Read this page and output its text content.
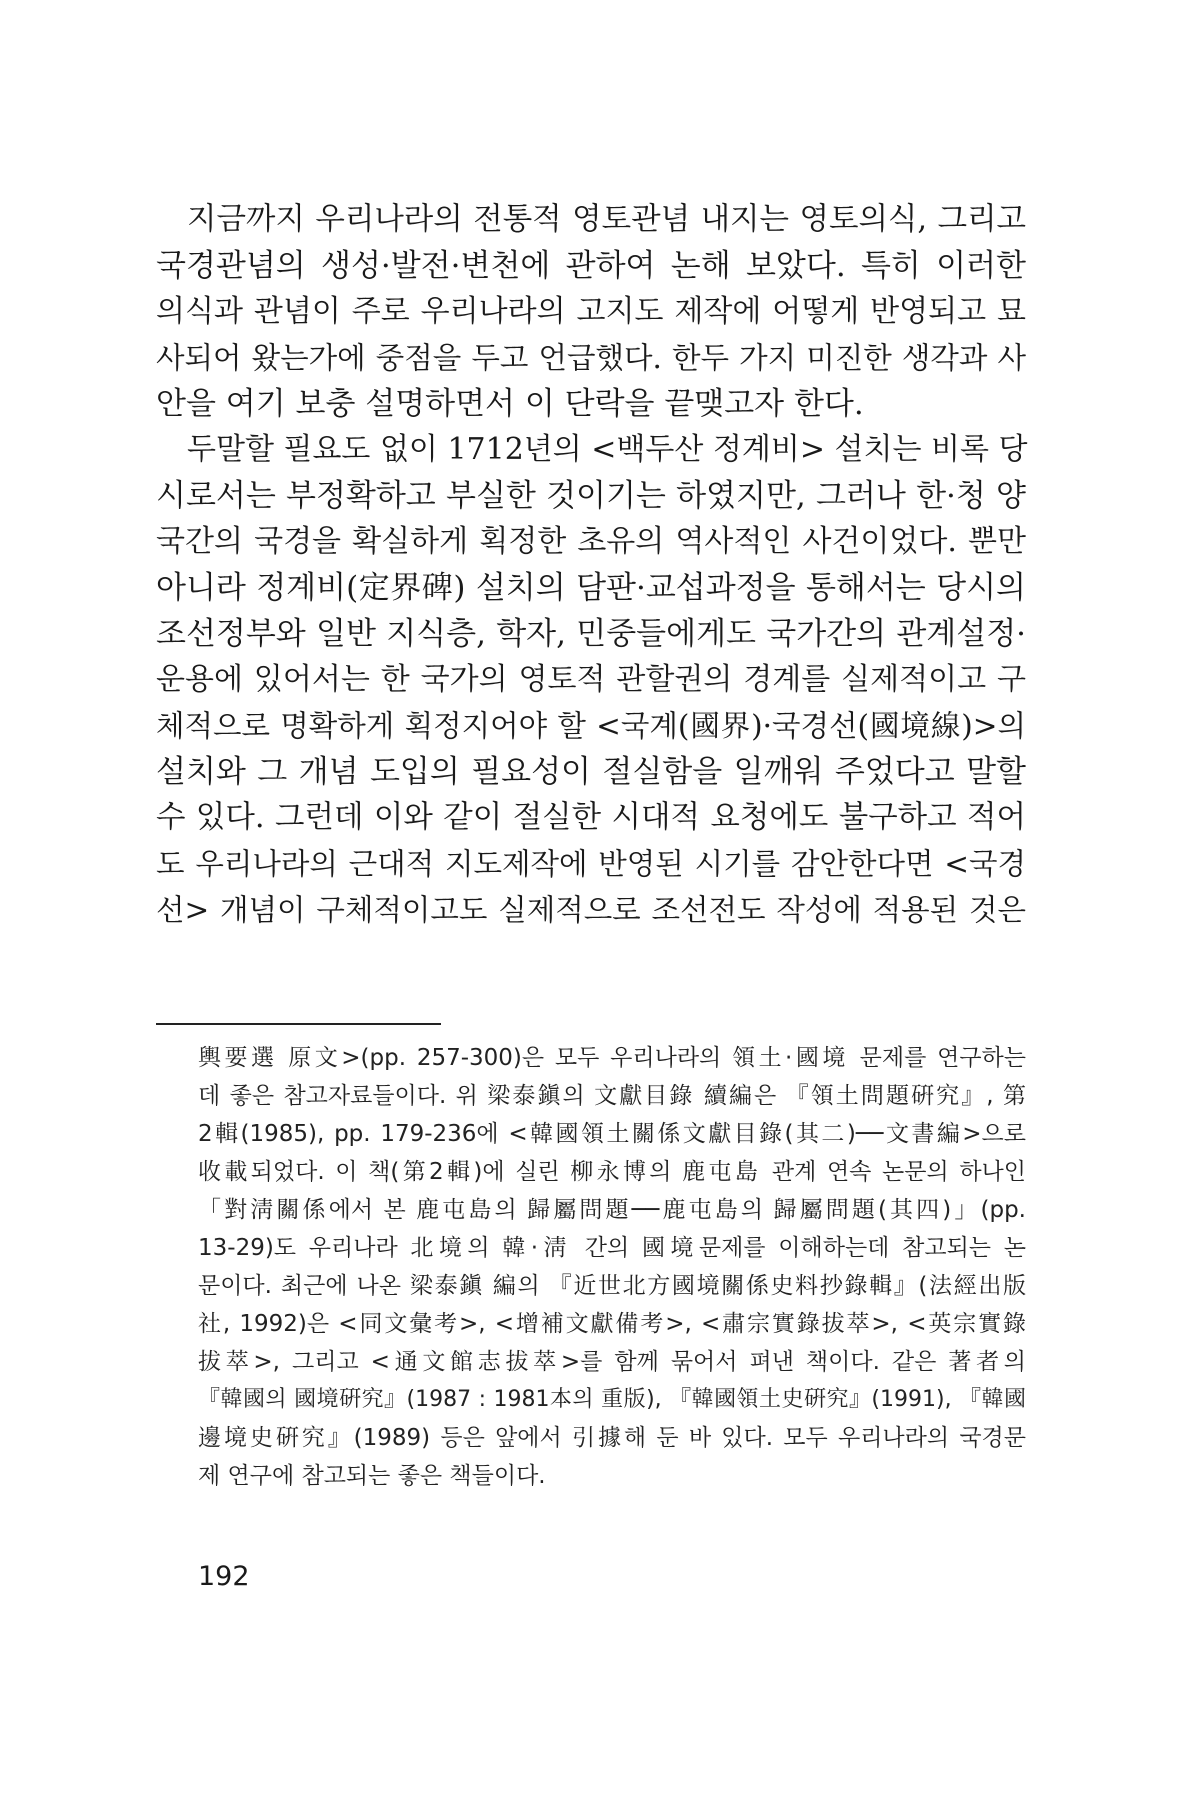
지금까지 우리나라의 전통적 영토관념 내지는 영토의식, 그리고
국경관념의 생성·발전·변천에 관하여 논해 보았다. 특히 이러한
의식과 관념이 주로 우리나라의 고지도 제작에 어떻게 반영되고 묘
사되어 왔는가에 중점을 두고 언급했다. 한두 가지 미진한 생각과 사
안을 여기 보충 설명하면서 이 단락을 끝맺고자 한다.
두말할 필요도 없이 1712년의 <백두산 정계비> 설치는 비록 당
시로서는 부정확하고 부실한 것이기는 하였지만, 그러나 한·청 양
국간의 국경을 확실하게 획정한 초유의 역사적인 사건이었다. 뿐만
아니라 정계비(定界碑) 설치의 담판·교섭과정을 통해서는 당시의
조선정부와 일반 지식층, 학자, 민중들에게도 국가간의 관계설정·
운용에 있어서는 한 국가의 영토적 관할권의 경계를 실제적이고 구
체적으로 명확하게 획정지어야 할 <국계(國界)·국경선(國境線)>의
설치와 그 개념 도입의 필요성이 절실함을 일깨워 주었다고 말할
수 있다. 그런데 이와 같이 절실한 시대적 요청에도 불구하고 적어
도 우리나라의 근대적 지도제작에 반영된 시기를 감안한다면 <국경
선> 개념이 구체적이고도 실제적으로 조선전도 작성에 적용된 것은
輿要選 原文>(pp. 257-300)은 모두 우리나라의 領土·國境 문제를 연구하는
데 좋은 참고자료들이다. 위 梁泰鎭의 文獻目錄 續編은 『領土問題硏究』, 第
2輯(1985), pp. 179-236에 <韓國領土關係文獻目錄(其二)──文書編>으로
收載되었다. 이 책(第2輯)에 실린 柳永博의 鹿屯島 관계 연속 논문의 하나인
「對淸關係에서 본 鹿屯島의 歸屬問題──鹿屯島의 歸屬問題(其四)」(pp.
13-29)도 우리나라 北境의 韓·淸 간의 國境문제를 이해하는데 참고되는 논
문이다. 최근에 나온 梁泰鎭 編의 『近世北方國境關係史料抄錄輯』(法經出版
社, 1992)은 <同文彙考>, <增補文獻備考>, <肅宗實錄拔萃>, <英宗實錄
拔萃>, 그리고 <通文館志拔萃>를 함께 묶어서 펴낸 책이다. 같은 著者의
『韓國의 國境硏究』(1987 : 1981本의 重版), 『韓國領土史硏究』(1991), 『韓國
邊境史硏究』(1989) 등은 앞에서 引據해 둔 바 있다. 모두 우리나라의 국경문
제 연구에 참고되는 좋은 책들이다.
192
